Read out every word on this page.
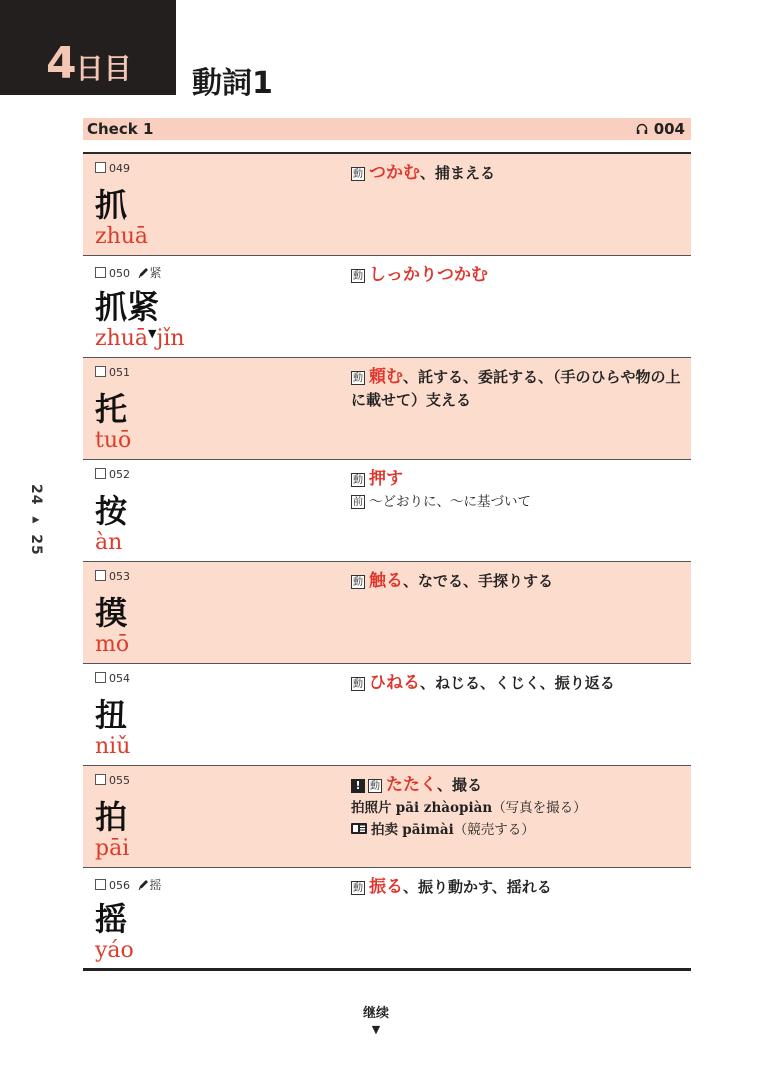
4日目 動詞1
Check 1	004
049
抓
zhuā
動 つかむ、捕まえる
050 紧
抓紧
zhuā▼jǐn
動 しっかりつかむ
051
托
tuō
動 頼む、託する、委託する、（手のひらや物の上に載せて）支える
052
按
àn
動 押す
前 ～どおりに、～に基づいて
053
摸
mō
動 触る、なでる、手探りする
054
扭
niǔ
動 ひねる、ねじる、くじく、振り返る
055
拍
pāi
! 動 たたく、撮る
拍照片 pāi zhàopiàn（写真を撮る）
拍卖 pāimài（競売する）
056 摇
摇
yáo
動 振る、振り動かす、揺れる
24 ▸ 25
继续
▼
